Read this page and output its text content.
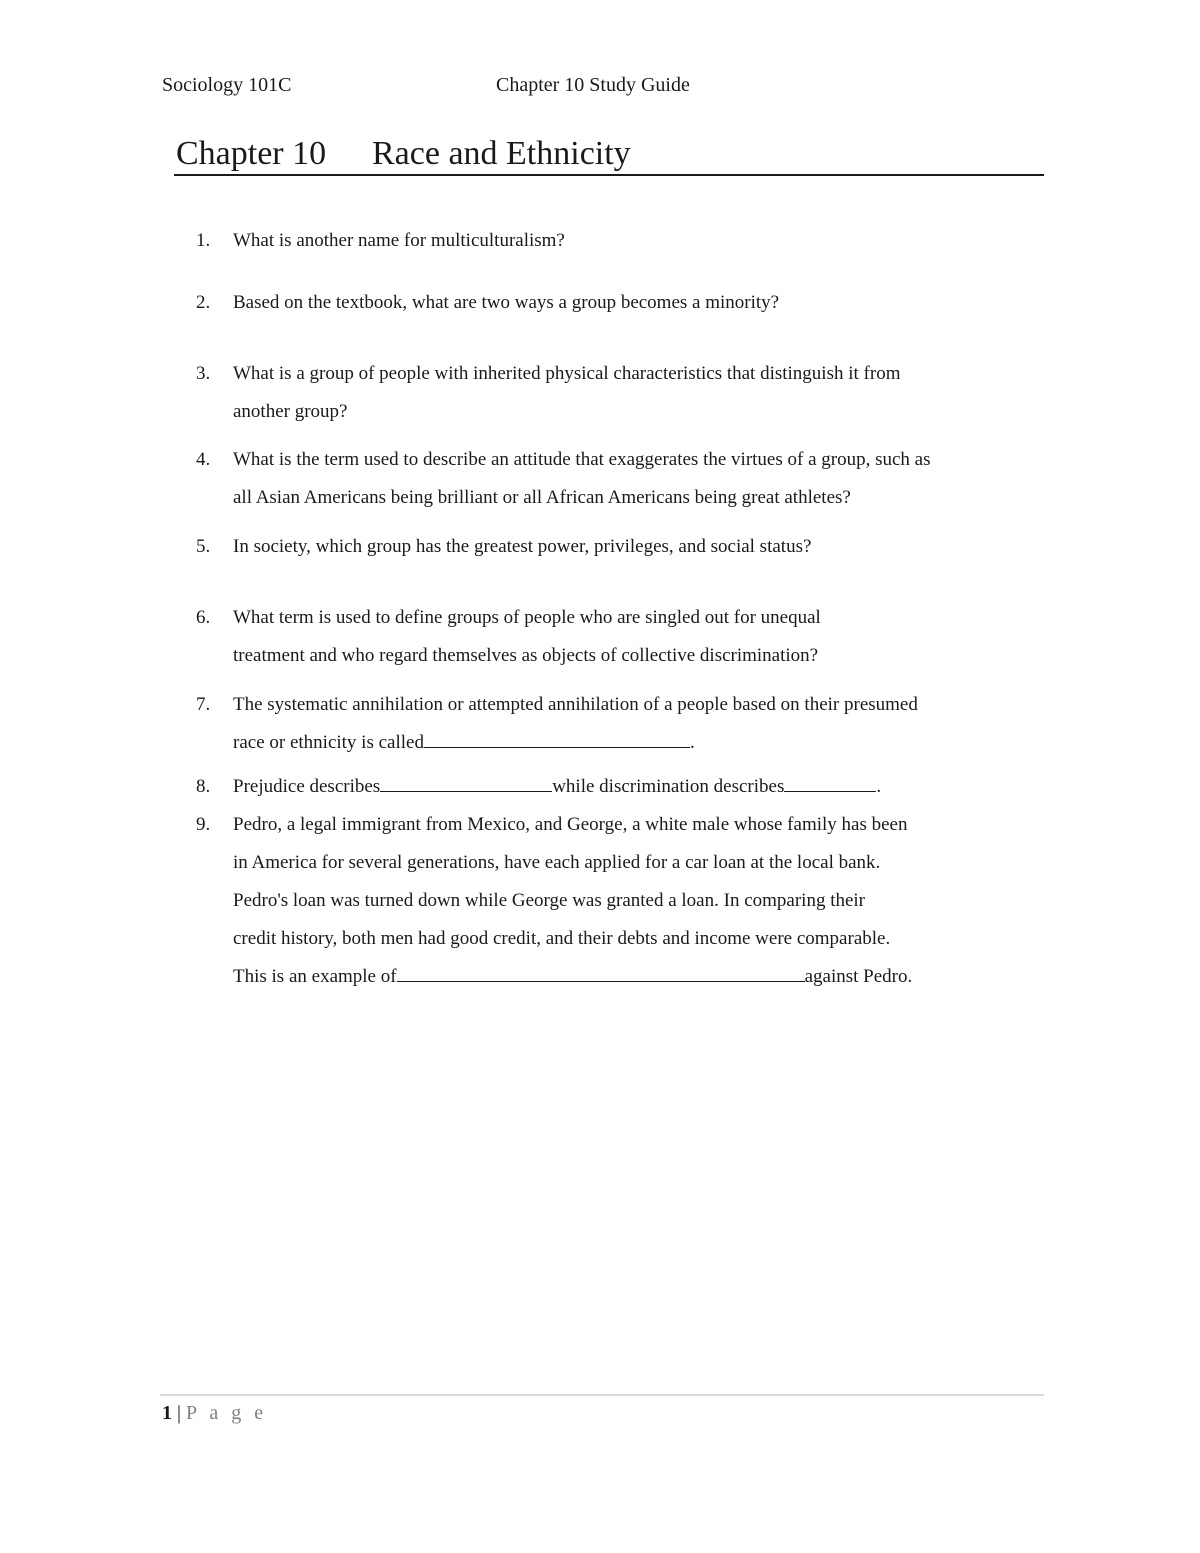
Sociology 101C	Chapter 10 Study Guide
Chapter 10 Race and Ethnicity
1.	What is another name for multiculturalism?
2.	Based on the textbook, what are two ways a group becomes a minority?
3.	What is a group of people with inherited physical characteristics that distinguish it from
another group?
4.	What is the term used to describe an attitude that exaggerates the virtues of a group, such as
all Asian Americans being brilliant or all African Americans being great athletes?
5.	In society, which group has the greatest power, privileges, and social status?
6.	What term is used to define groups of people who are singled out for unequal
treatment and who regard themselves as objects of collective discrimination?
7.	The systematic annihilation or attempted annihilation of a people based on their presumed
race or ethnicity is called	.
8.	Prejudice describes	while discrimination describes	.
9.	Pedro, a legal immigrant from Mexico, and George, a white male whose family has been
in America for several generations, have each applied for a car loan at the local bank.
Pedro's loan was turned down while George was granted a loan. In comparing their
credit history, both men had good credit, and their debts and income were comparable.
This is an example of	against Pedro.
1 | P a g e
